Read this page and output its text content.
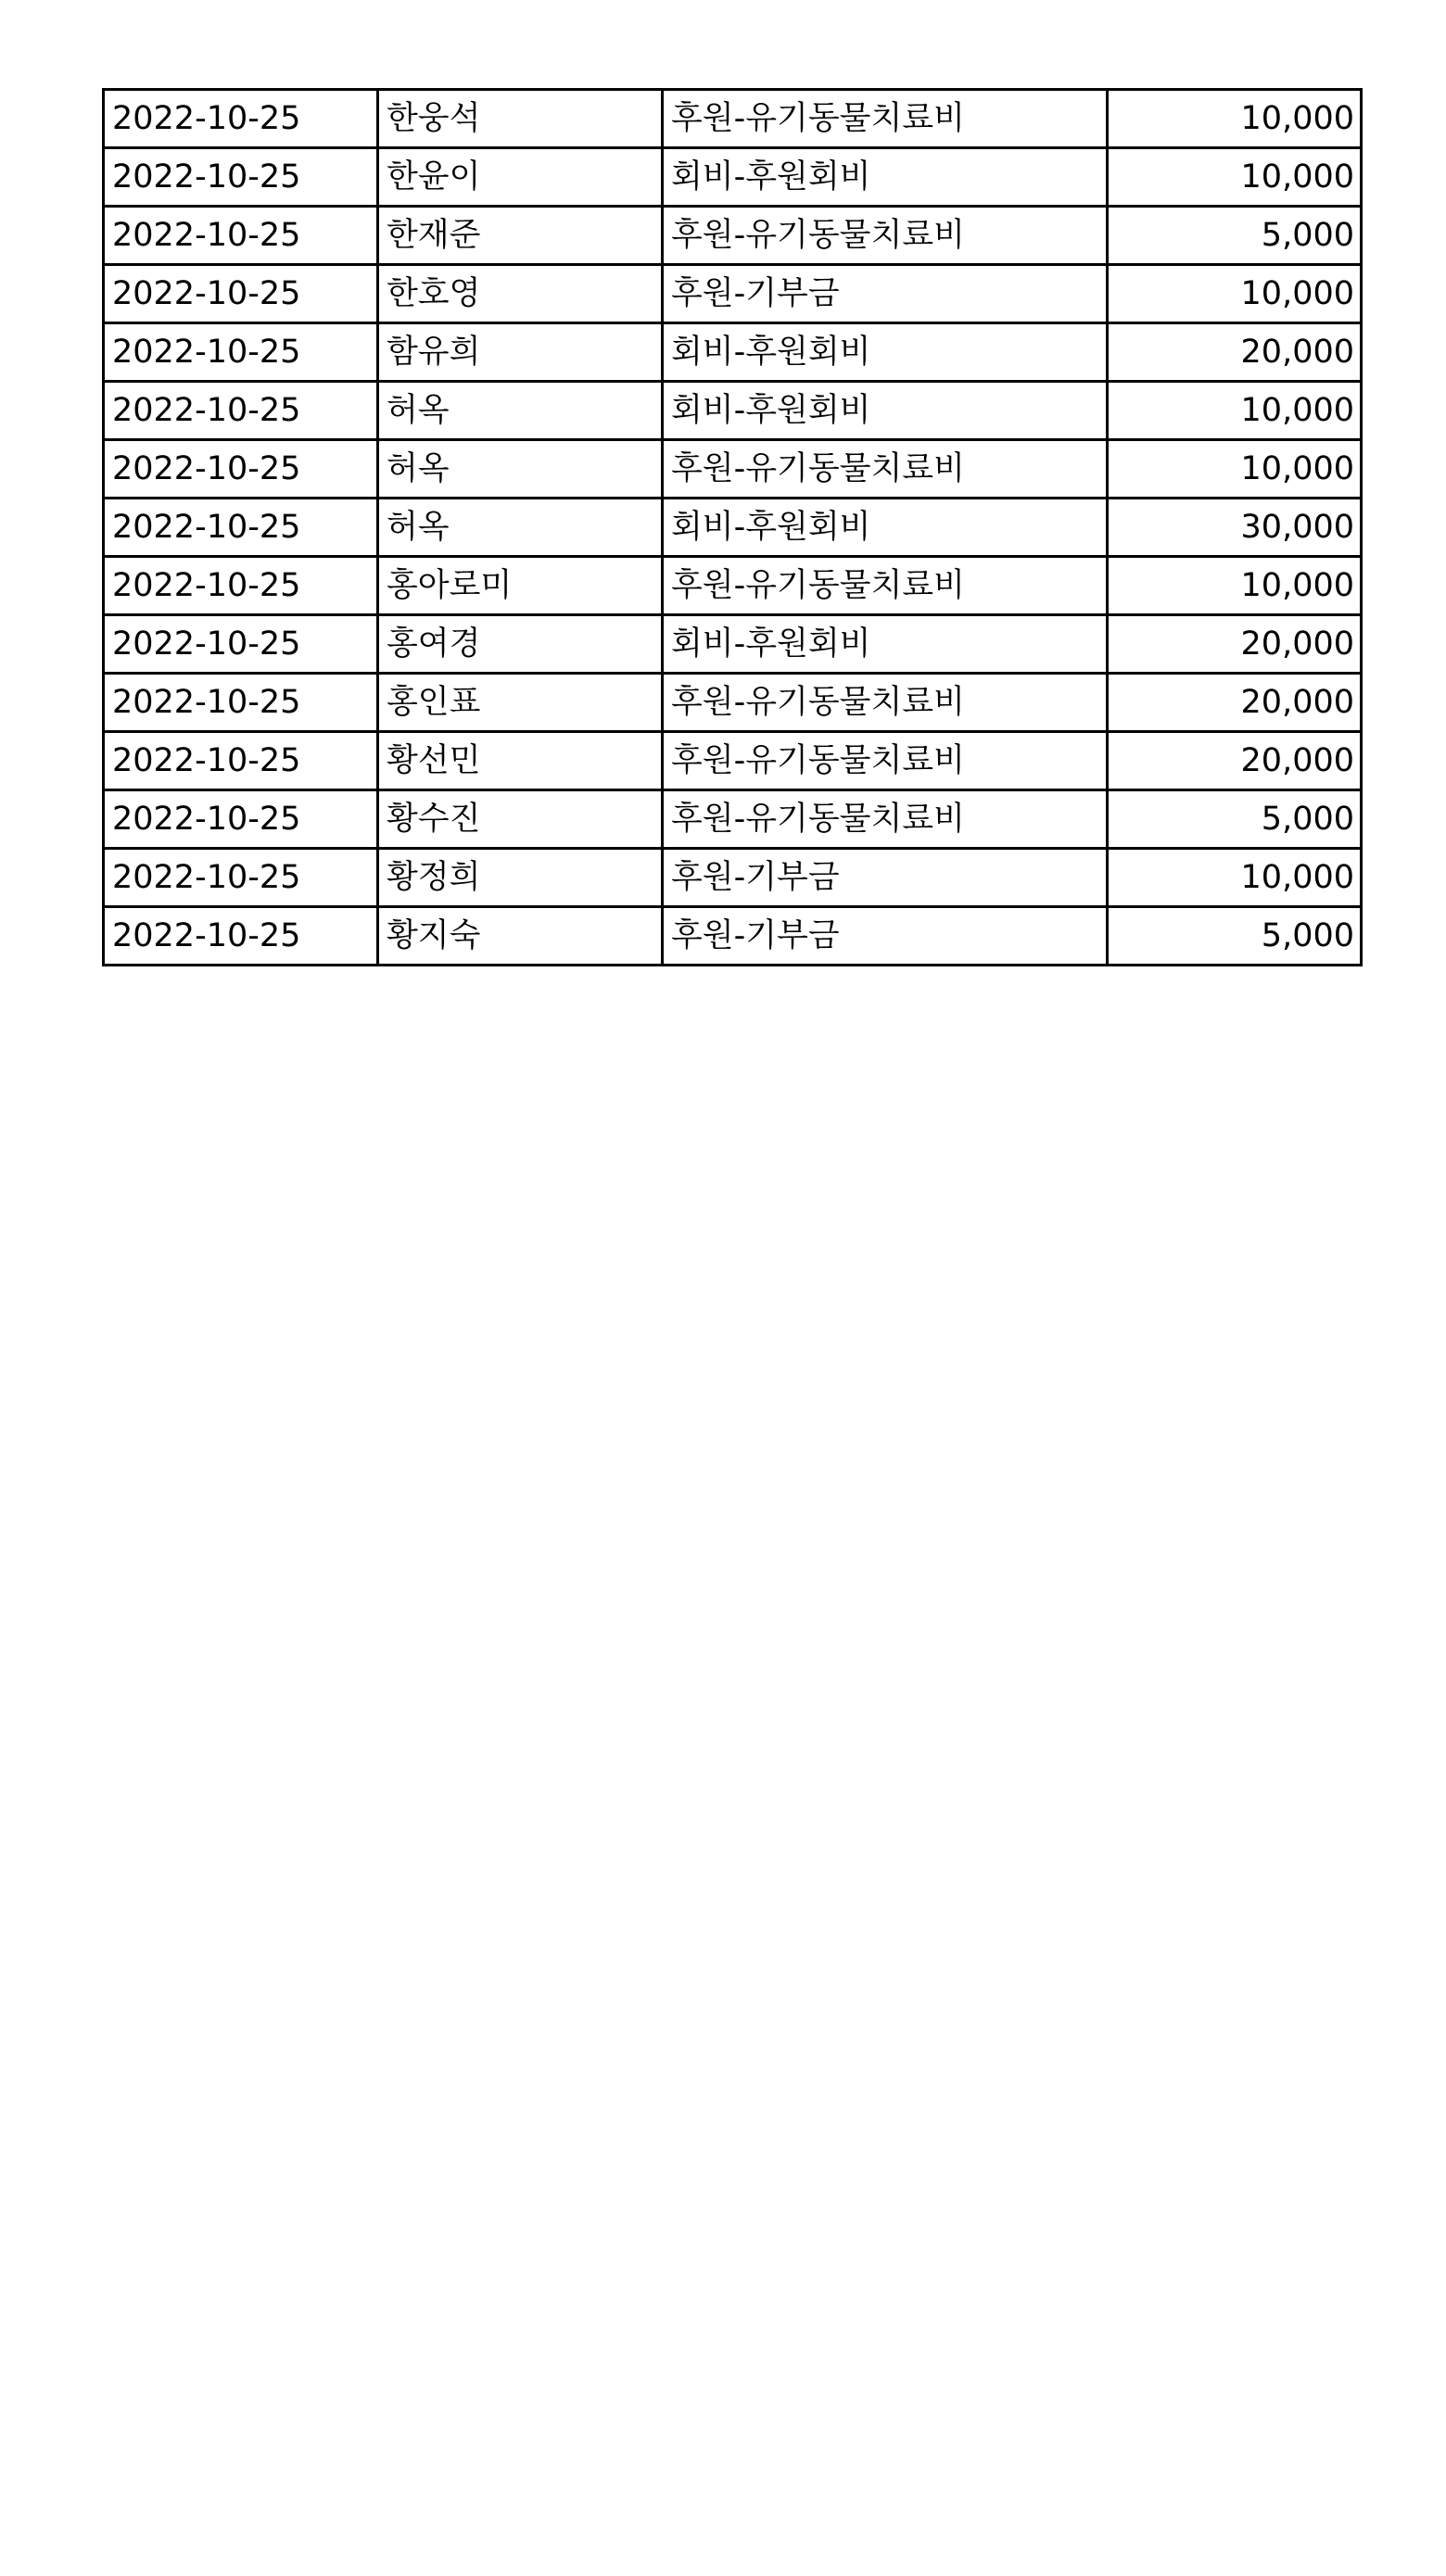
2022-10-25	한웅석	후원-유기동물치료비	10,000
2022-10-25	한윤이	회비-후원회비	10,000
2022-10-25	한재준	후원-유기동물치료비	5,000
2022-10-25	한호영	후원-기부금	10,000
2022-10-25	함유희	회비-후원회비	20,000
2022-10-25	허옥	회비-후원회비	10,000
2022-10-25	허옥	후원-유기동물치료비	10,000
2022-10-25	허옥	회비-후원회비	30,000
2022-10-25	홍아로미	후원-유기동물치료비	10,000
2022-10-25	홍여경	회비-후원회비	20,000
2022-10-25	홍인표	후원-유기동물치료비	20,000
2022-10-25	황선민	후원-유기동물치료비	20,000
2022-10-25	황수진	후원-유기동물치료비	5,000
2022-10-25	황정희	후원-기부금	10,000
2022-10-25	황지숙	후원-기부금	5,000
